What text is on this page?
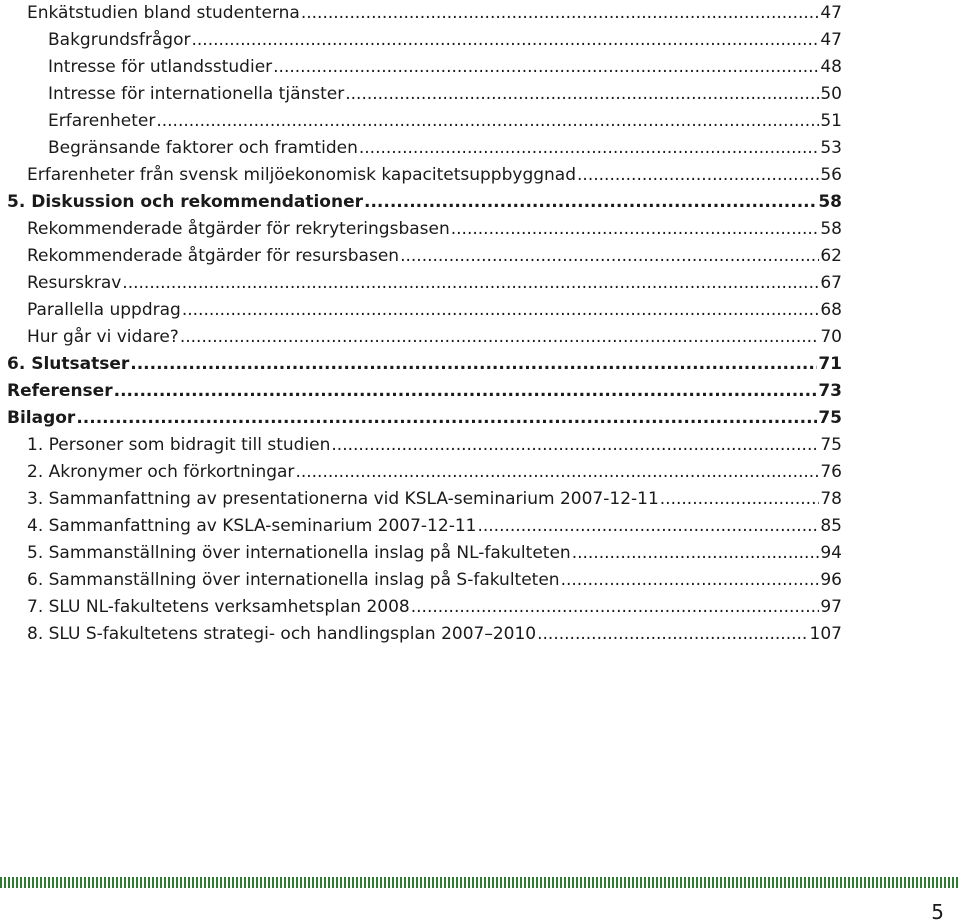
Enkätstudien bland studenterna .....	47
Bakgrundsfrågor .....	47
Intresse för utlandsstudier .....	48
Intresse för internationella tjänster .....	50
Erfarenheter .....	51
Begränsande faktorer och framtiden .....	53
Erfarenheter från svensk miljöekonomisk kapacitetsuppbyggnad .....	56
5. Diskussion och rekommendationer .....	58
Rekommenderade åtgärder för rekryteringsbasen .....	58
Rekommenderade åtgärder för resursbasen .....	62
Resurskrav .....	67
Parallella uppdrag .....	68
Hur går vi vidare? .....	70
6. Slutsatser .....	71
Referenser .....	73
Bilagor .....	75
1. Personer som bidragit till studien .....	75
2. Akronymer och förkortningar .....	76
3. Sammanfattning av presentationerna vid KSLA-seminarium 2007-12-11 .....	78
4. Sammanfattning av KSLA-seminarium 2007-12-11 .....	85
5. Sammanställning över internationella inslag på NL-fakulteten .....	94
6. Sammanställning över internationella inslag på S-fakulteten .....	96
7. SLU NL-fakultetens verksamhetsplan 2008 .....	97
8. SLU S-fakultetens strategi- och handlingsplan 2007–2010 .....	107
5
